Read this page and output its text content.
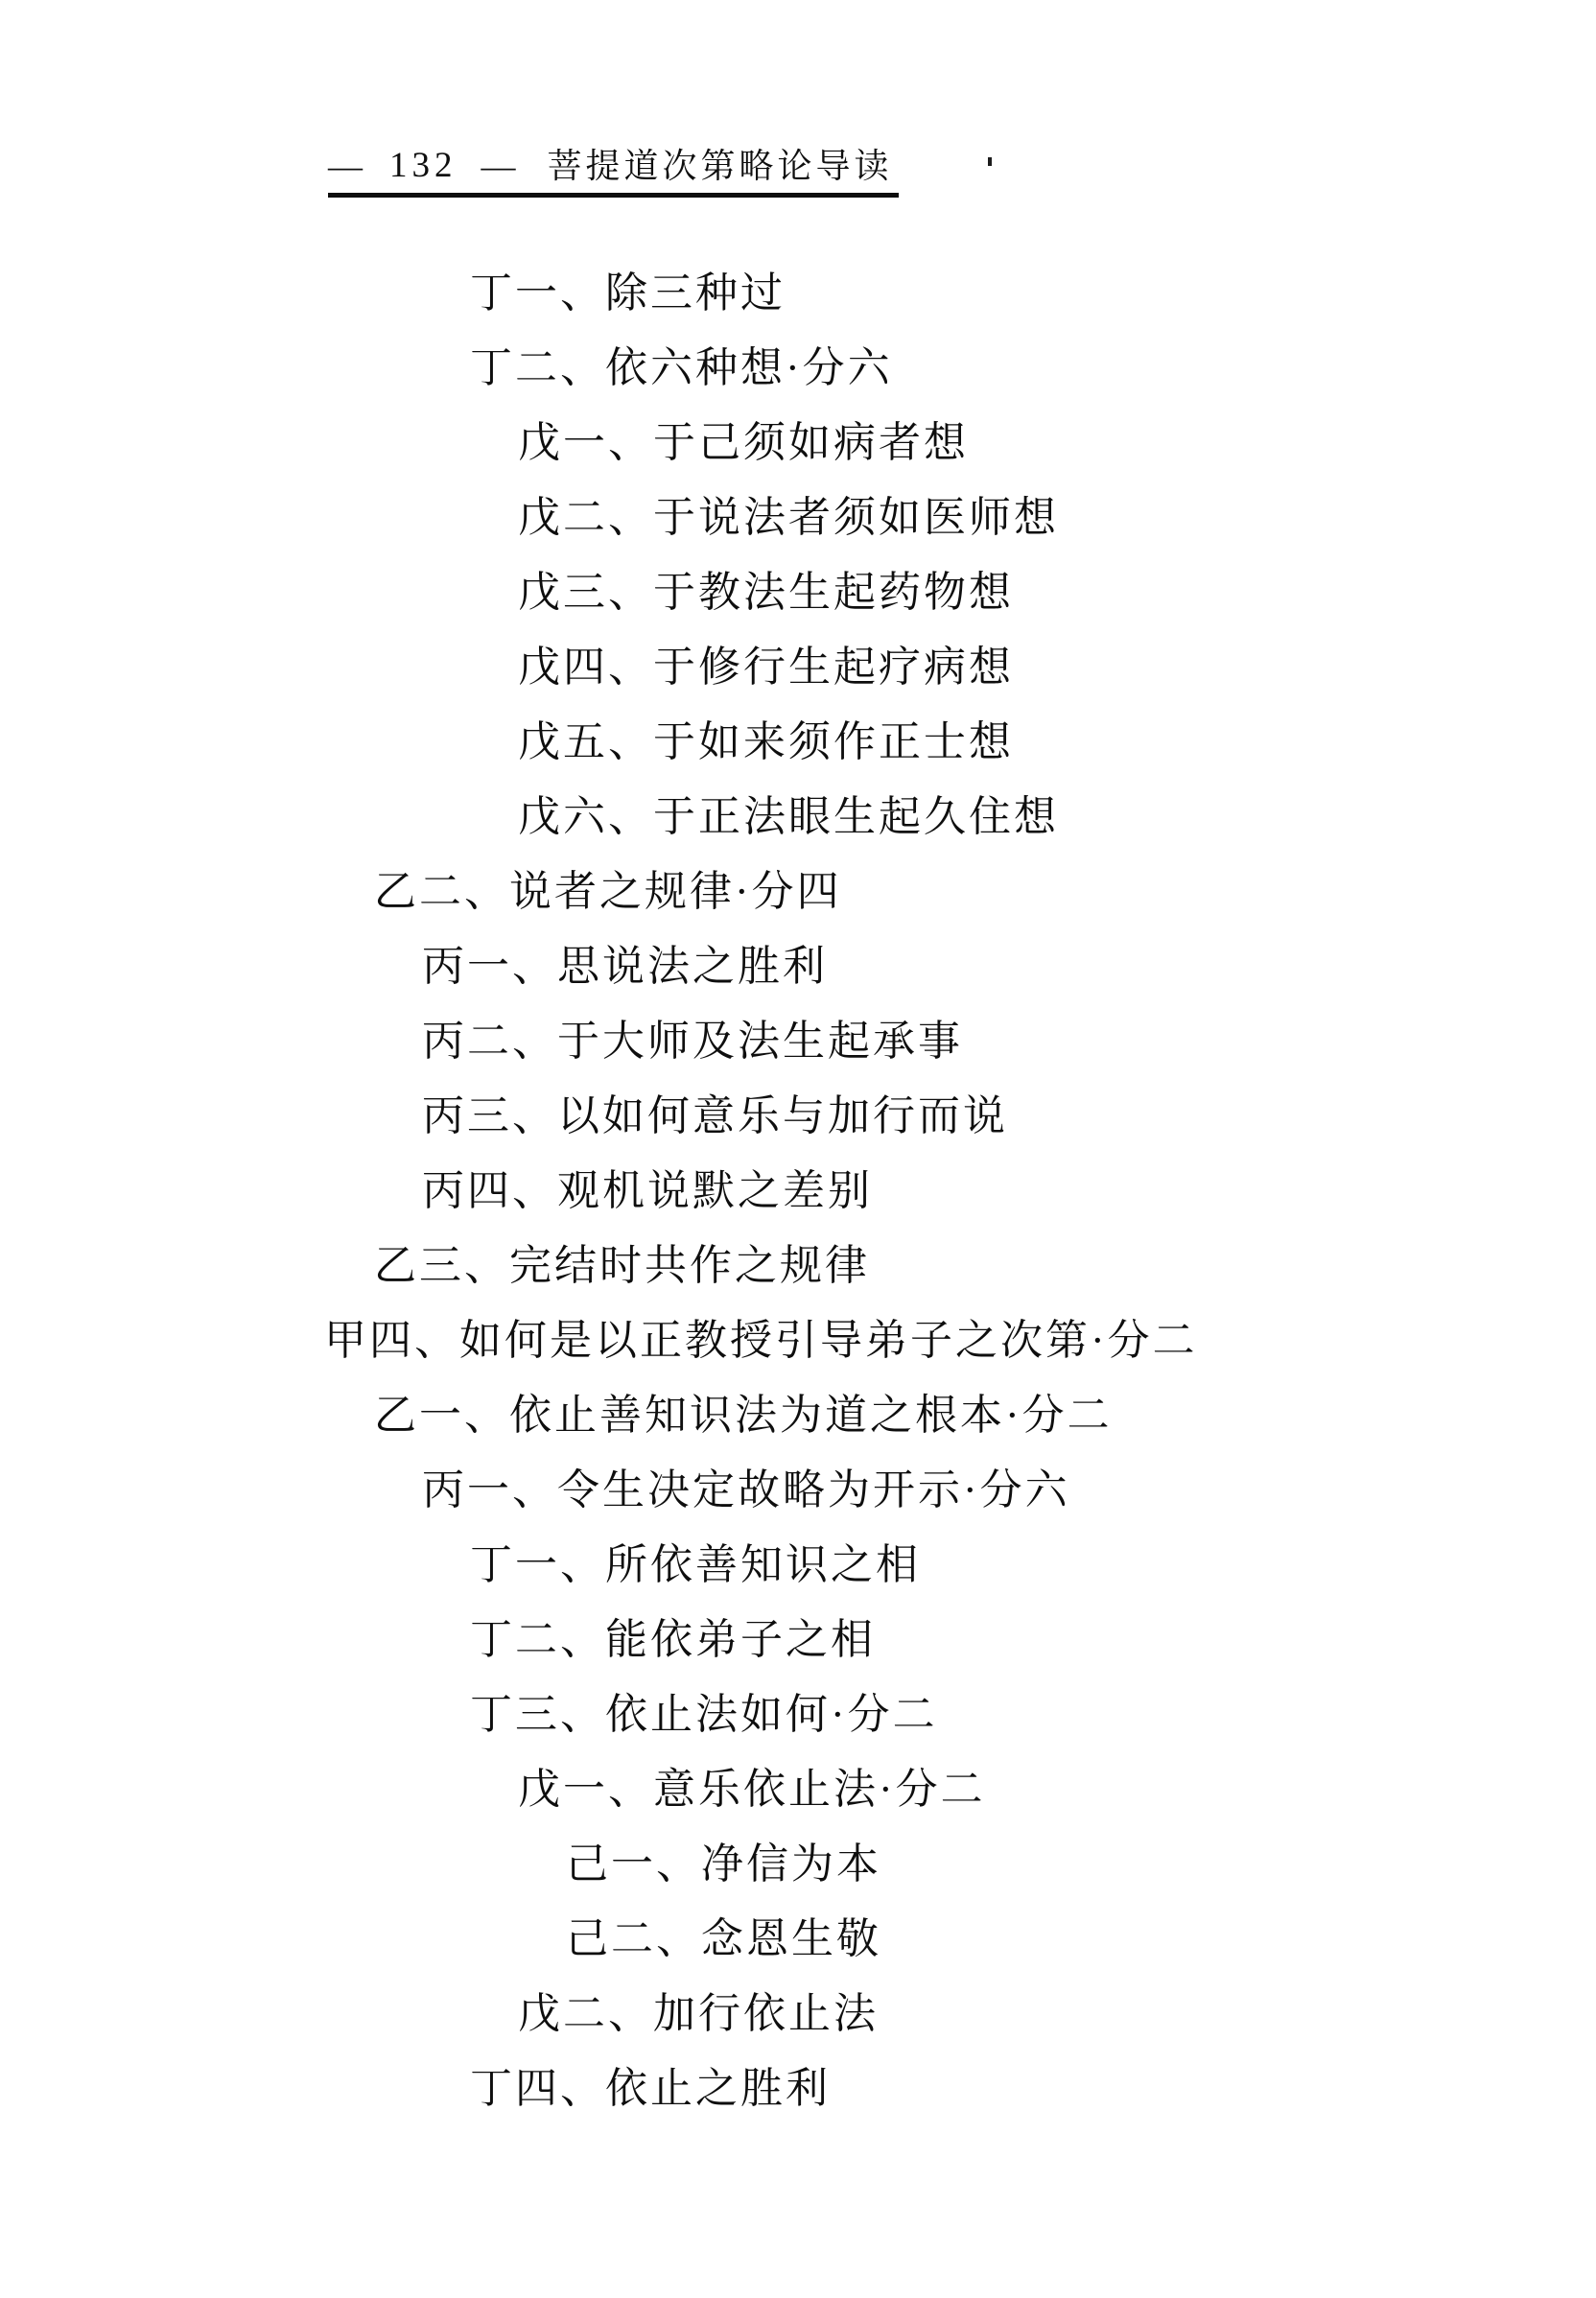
— 132 — 菩提道次第略论导读
丁一、除三种过
丁二、依六种想·分六
戊一、于己须如病者想
戊二、于说法者须如医师想
戊三、于教法生起药物想
戊四、于修行生起疗病想
戊五、于如来须作正士想
戊六、于正法眼生起久住想
乙二、说者之规律·分四
丙一、思说法之胜利
丙二、于大师及法生起承事
丙三、以如何意乐与加行而说
丙四、观机说默之差别
乙三、完结时共作之规律
甲四、如何是以正教授引导弟子之次第·分二
乙一、依止善知识法为道之根本·分二
丙一、令生决定故略为开示·分六
丁一、所依善知识之相
丁二、能依弟子之相
丁三、依止法如何·分二
戊一、意乐依止法·分二
己一、净信为本
己二、念恩生敬
戊二、加行依止法
丁四、依止之胜利
